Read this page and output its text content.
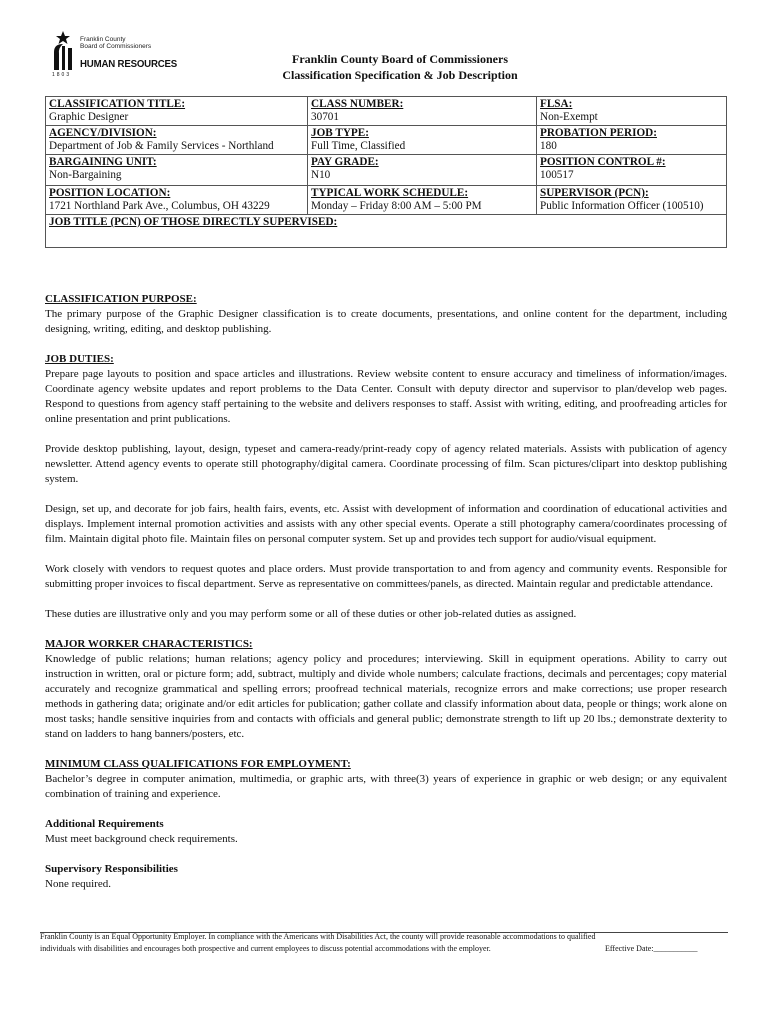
Franklin County
Board of Commissioners
HUMAN RESOURCES
1803
Franklin County Board of Commissioners
Classification Specification & Job Description
CLASSIFICATION TITLE:
Graphic Designer	CLASS NUMBER:
30701	FLSA:
Non-Exempt

AGENCY/DIVISION:
Department of Job & Family Services - Northland	JOB TYPE:
Full Time, Classified	PROBATION PERIOD:
180

BARGAINING UNIT:
Non-Bargaining	PAY GRADE:
N10	POSITION CONTROL #:
100517

POSITION LOCATION:
1721 Northland Park Ave., Columbus, OH 43229	TYPICAL WORK SCHEDULE:
Monday – Friday 8:00 AM – 5:00 PM	SUPERVISOR (PCN):
Public Information Officer (100510)

JOB TITLE (PCN) OF THOSE DIRECTLY SUPERVISED:		
CLASSIFICATION PURPOSE:

The primary purpose of the Graphic Designer classification is to create documents, presentations, and online content for the department, including designing, writing, editing, and desktop publishing.

JOB DUTIES:

Prepare page layouts to position and space articles and illustrations. Review website content to ensure accuracy and timeliness of information/images. Coordinate agency website updates and report problems to the Data Center. Consult with deputy director and supervisor to plan/develop web pages. Respond to questions from agency staff pertaining to the website and delivers responses to staff. Assist with writing, editing, and proofreading articles for online presentation and print publications.

Provide desktop publishing, layout, design, typeset and camera-ready/print-ready copy of agency related materials. Assists with publication of agency newsletter. Attend agency events to operate still photography/digital camera. Coordinate processing of film. Scan pictures/clipart into desktop publishing system.

Design, set up, and decorate for job fairs, health fairs, events, etc. Assist with development of information and coordination of educational activities and displays. Implement internal promotion activities and assists with any other special events. Operate a still photography camera/coordinates processing of film. Maintain digital photo file. Maintain files on personal computer system. Set up and provides tech support for audio/visual equipment.

Work closely with vendors to request quotes and place orders. Must provide transportation to and from agency and community events. Responsible for submitting proper invoices to fiscal department. Serve as representative on committees/panels, as directed. Maintain regular and predictable attendance.

These duties are illustrative only and you may perform some or all of these duties or other job-related duties as assigned.

MAJOR WORKER CHARACTERISTICS:

Knowledge of public relations; human relations; agency policy and procedures; interviewing. Skill in equipment operations. Ability to carry out instruction in written, oral or picture form; add, subtract, multiply and divide whole numbers; calculate fractions, decimals and percentages; copy material accurately and recognize grammatical and spelling errors; proofread technical materials, recognize errors and make corrections; use proper research methods in gathering data; originate and/or edit articles for publication; gather collate and classify information about data, people or things; work alone on most tasks; handle sensitive inquiries from and contacts with officials and general public; demonstrate strength to lift up 20 lbs.; demonstrate dexterity to stand on ladders to hang banners/posters, etc.

MINIMUM CLASS QUALIFICATIONS FOR EMPLOYMENT:

Bachelor’s degree in computer animation, multimedia, or graphic arts, with three(3) years of experience in graphic or web design; or any equivalent combination of training and experience.

Additional Requirements

Must meet background check requirements.

Supervisory Responsibilities
None required.
Franklin County is an Equal Opportunity Employer. In compliance with the Americans with Disabilities Act, the county will provide reasonable accommodations to qualified individuals with disabilities and encourages both prospective and current employees to discuss potential accommodations with the employer.	Effective Date:___________
